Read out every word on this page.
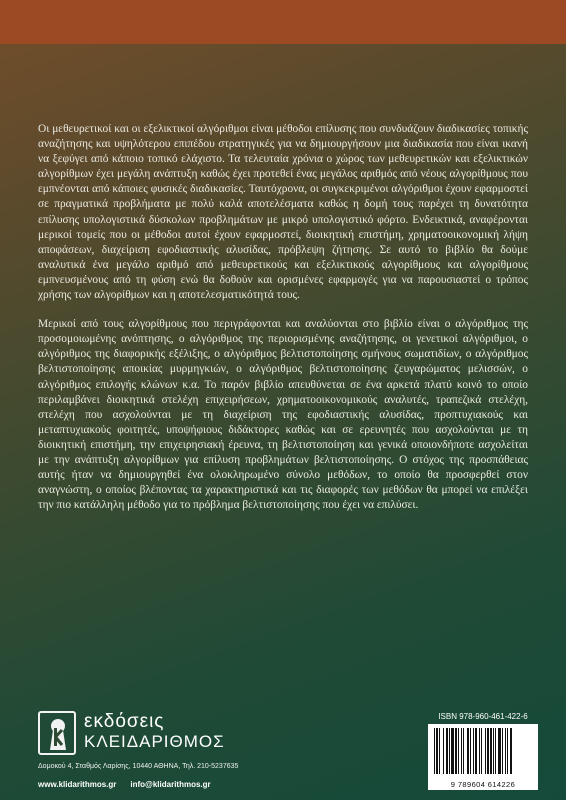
Οι μεθευρετικοί και οι εξελικτικοί αλγόριθμοι είναι μέθοδοι επίλυσης που συνδυάζουν διαδικασίες τοπικής αναζήτησης και υψηλότερου επιπέδου στρατηγικές για να δημιουργήσουν μια διαδικασία που είναι ικανή να ξεφύγει από κάποιο τοπικό ελάχιστο. Τα τελευταία χρόνια ο χώρος των μεθευρετικών και εξελικτικών αλγορίθμων έχει μεγάλη ανάπτυξη καθώς έχει προτεθεί ένας μεγάλος αριθμός από νέους αλγορίθμους που εμπνέονται από κάποιες φυσικές διαδικασίες. Ταυτόχρονα, οι συγκεκριμένοι αλγόριθμοι έχουν εφαρμοστεί σε πραγματικά προβλήματα με πολύ καλά αποτελέσματα καθώς η δομή τους παρέχει τη δυνατότητα επίλυσης υπολογιστικά δύσκολων προβλημάτων με μικρό υπολογιστικό φόρτο. Ενδεικτικά, αναφέρονται μερικοί τομείς που οι μέθοδοι αυτοί έχουν εφαρμοστεί, διοικητική επιστήμη, χρηματοοικονομική λήψη αποφάσεων, διαχείριση εφοδιαστικής αλυσίδας, πρόβλεψη ζήτησης. Σε αυτό το βιβλίο θα δούμε αναλυτικά ένα μεγάλο αριθμό από μεθευρετικούς και εξελικτικούς αλγορίθμους και αλγορίθμους εμπνευσμένους από τη φύση ενώ θα δοθούν και ορισμένες εφαρμογές για να παρουσιαστεί ο τρόπος χρήσης των αλγορίθμων και η αποτελεσματικότητά τους.

Μερικοί από τους αλγορίθμους που περιγράφονται και αναλύονται στο βιβλίο είναι ο αλγόριθμος της προσομοιωμένης ανόπτησης, ο αλγόριθμος της περιορισμένης αναζήτησης, οι γενετικοί αλγόριθμοι, ο αλγόριθμος της διαφορικής εξέλιξης, ο αλγόριθμος βελτιστοποίησης σμήνους σωματιδίων, ο αλγόριθμος βελτιστοποίησης αποικίας μυρμηγκιών, ο αλγόριθμος βελτιστοποίησης ζευγαρώματος μελισσών, ο αλγόριθμος επιλογής κλώνων κ.α. Το παρόν βιβλίο απευθύνεται σε ένα αρκετά πλατύ κοινό το οποίο περιλαμβάνει διοικητικά στελέχη επιχειρήσεων, χρηματοοικονομικούς αναλυτές, τραπεζικά στελέχη, στελέχη που ασχολούνται με τη διαχείριση της εφοδιαστικής αλυσίδας, προπτυχιακούς και μεταπτυχιακούς φοιτητές, υποψήφιους διδάκτορες καθώς και σε ερευνητές που ασχολούνται με τη διοικητική επιστήμη, την επιχειρησιακή έρευνα, τη βελτιστοποίηση και γενικά οποιονδήποτε ασχολείται με την ανάπτυξη αλγορίθμων για επίλυση προβλημάτων βελτιστοποίησης. Ο στόχος της προσπάθειας αυτής ήταν να δημιουργηθεί ένα ολοκληρωμένο σύνολο μεθόδων, το οποίο θα προσφερθεί στον αναγνώστη, ο οποίος βλέποντας τα χαρακτηριστικά και τις διαφορές των μεθόδων θα μπορεί να επιλέξει την πιο κατάλληλη μέθοδο για το πρόβλημα βελτιστοποίησης που έχει να επιλύσει.

εκδόσεις
ΚΛΕΙΔΑΡΙΘΜΟΣ
Δομοκού 4, Σταθμός Λαρίσης, 10440 ΑΘΗΝΑ, Τηλ. 210-5237635
www.klidarithmos.gr info@klidarithmos.gr
ISBN 978-960-461-422-6
9 789604 614226
